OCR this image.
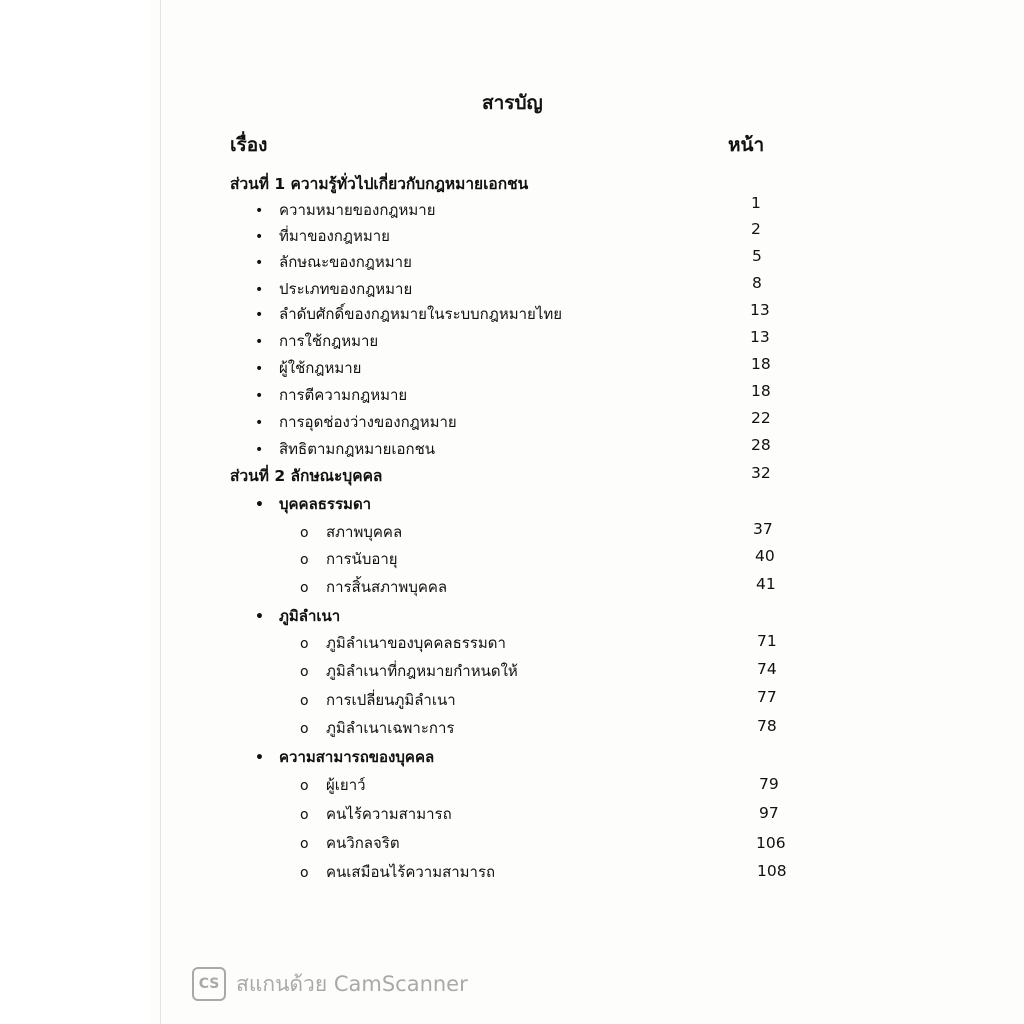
สารบัญ
เรื่อง	หน้า
ส่วนที่ 1 ความรู้ทั่วไปเกี่ยวกับกฎหมายเอกชน
• ความหมายของกฎหมาย	1
• ที่มาของกฎหมาย	2
• ลักษณะของกฎหมาย	5
• ประเภทของกฎหมาย	8
• ลำดับศักดิ์ของกฎหมายในระบบกฎหมายไทย	13
• การใช้กฎหมาย	13
• ผู้ใช้กฎหมาย	18
• การตีความกฎหมาย	18
• การอุดช่องว่างของกฎหมาย	22
• สิทธิตามกฎหมายเอกชน	28
ส่วนที่ 2 ลักษณะบุคคล	32
• บุคคลธรรมดา
o สภาพบุคคล	37
o การนับอายุ	40
o การสิ้นสภาพบุคคล	41
• ภูมิลำเนา
o ภูมิลำเนาของบุคคลธรรมดา	71
o ภูมิลำเนาที่กฎหมายกำหนดให้	74
o การเปลี่ยนภูมิลำเนา	77
o ภูมิลำเนาเฉพาะการ	78
• ความสามารถของบุคคล
o ผู้เยาว์	79
o คนไร้ความสามารถ	97
o คนวิกลจริต	106
o คนเสมือนไร้ความสามารถ	108
CS สแกนด้วย CamScanner
